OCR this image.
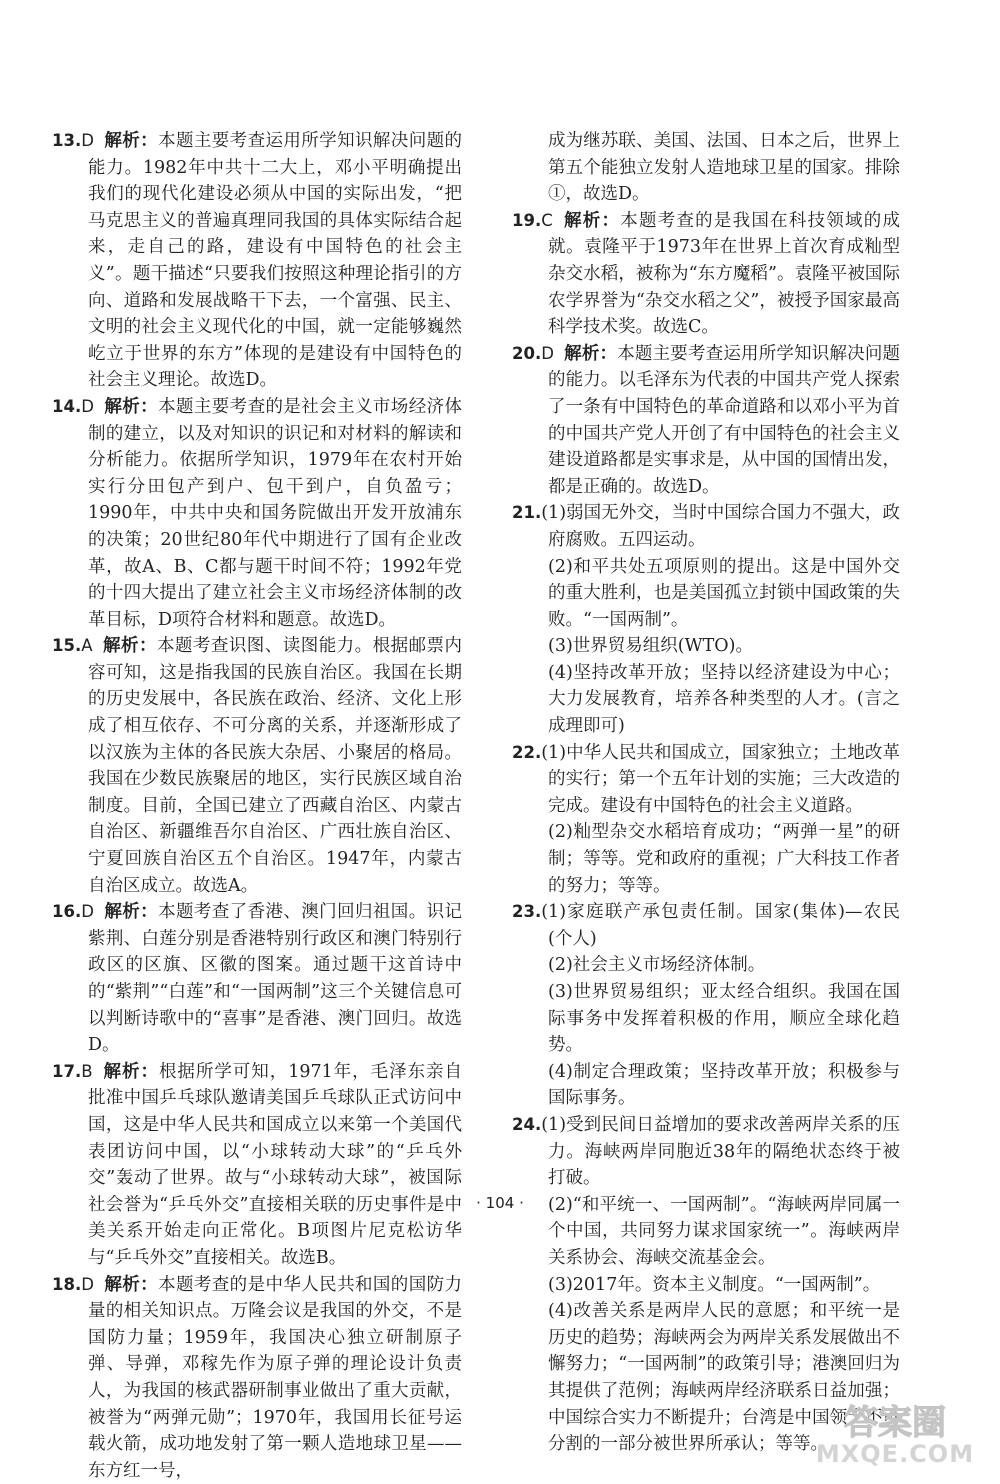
13.D 解析：本题主要考查运用所学知识解决问题的能力。1982年中共十二大上，邓小平明确提出我们的现代化建设必须从中国的实际出发，“把马克思主义的普遍真理同我国的具体实际结合起来，走自己的路，建设有中国特色的社会主义”。题干描述“只要我们按照这种理论指引的方向、道路和发展战略干下去，一个富强、民主、文明的社会主义现代化的中国，就一定能够巍然屹立于世界的东方”体现的是建设有中国特色的社会主义理论。故选D。

14.D 解析：本题主要考查的是社会主义市场经济体制的建立，以及对知识的识记和对材料的解读和分析能力。依据所学知识，1979年在农村开始实行分田包产到户、包干到户，自负盈亏；1990年，中共中央和国务院做出开发开放浦东的决策；20世纪80年代中期进行了国有企业改革，故A、B、C都与题干时间不符；1992年党的十四大提出了建立社会主义市场经济体制的改革目标，D项符合材料和题意。故选D。

15.A 解析：本题考查识图、读图能力。根据邮票内容可知，这是指我国的民族自治区。我国在长期的历史发展中，各民族在政治、经济、文化上形成了相互依存、不可分离的关系，并逐渐形成了以汉族为主体的各民族大杂居、小聚居的格局。我国在少数民族聚居的地区，实行民族区域自治制度。目前，全国已建立了西藏自治区、内蒙古自治区、新疆维吾尔自治区、广西壮族自治区、宁夏回族自治区五个自治区。1947年，内蒙古自治区成立。故选A。

16.D 解析：本题考查了香港、澳门回归祖国。识记紫荆、白莲分别是香港特别行政区和澳门特别行政区的区旗、区徽的图案。通过题干这首诗中的“紫荆”“白莲”和“一国两制”这三个关键信息可以判断诗歌中的“喜事”是香港、澳门回归。故选D。

17.B 解析：根据所学可知，1971年，毛泽东亲自批准中国乒乓球队邀请美国乒乓球队正式访问中国，这是中华人民共和国成立以来第一个美国代表团访问中国，以“小球转动大球”的“乒乓外交”轰动了世界。故与“小球转动大球”，被国际社会誉为“乒乓外交”直接相关联的历史事件是中美关系开始走向正常化。B项图片尼克松访华与“乒乓外交”直接相关。故选B。

18.D 解析：本题考查的是中华人民共和国的国防力量的相关知识点。万隆会议是我国的外交，不是国防力量；1959年，我国决心独立研制原子弹、导弹，邓稼先作为原子弹的理论设计负责人，为我国的核武器研制事业做出了重大贡献，被誉为“两弹元勋”；1970年，我国用长征号运载火箭，成功地发射了第一颗人造地球卫星——东方红一号，

成为继苏联、美国、法国、日本之后，世界上第五个能独立发射人造地球卫星的国家。排除①，故选D。

19.C 解析：本题考查的是我国在科技领域的成就。袁隆平于1973年在世界上首次育成籼型杂交水稻，被称为“东方魔稻”。袁隆平被国际农学界誉为“杂交水稻之父”，被授予国家最高科学技术奖。故选C。

20.D 解析：本题主要考查运用所学知识解决问题的能力。以毛泽东为代表的中国共产党人探索了一条有中国特色的革命道路和以邓小平为首的中国共产党人开创了有中国特色的社会主义建设道路都是实事求是，从中国的国情出发，都是正确的。故选D。

21.(1)弱国无外交，当时中国综合国力不强大，政府腐败。五四运动。

(2)和平共处五项原则的提出。这是中国外交的重大胜利，也是美国孤立封锁中国政策的失败。“一国两制”。

(3)世界贸易组织(WTO)。

(4)坚持改革开放；坚持以经济建设为中心；大力发展教育，培养各种类型的人才。(言之成理即可)

22.(1)中华人民共和国成立，国家独立；土地改革的实行；第一个五年计划的实施；三大改造的完成。建设有中国特色的社会主义道路。

(2)籼型杂交水稻培育成功；“两弹一星”的研制；等等。党和政府的重视；广大科技工作者的努力；等等。

23.(1)家庭联产承包责任制。国家(集体)—农民(个人)

(2)社会主义市场经济体制。

(3)世界贸易组织；亚太经合组织。我国在国际事务中发挥着积极的作用，顺应全球化趋势。

(4)制定合理政策；坚持改革开放；积极参与国际事务。

24.(1)受到民间日益增加的要求改善两岸关系的压力。海峡两岸同胞近38年的隔绝状态终于被打破。

(2)“和平统一、一国两制”。“海峡两岸同属一个中国，共同努力谋求国家统一”。海峡两岸关系协会、海峡交流基金会。

(3)2017年。资本主义制度。“一国两制”。

(4)改善关系是两岸人民的意愿；和平统一是历史的趋势；海峡两会为两岸关系发展做出不懈努力；“一国两制”的政策引导；港澳回归为其提供了范例；海峡两岸经济联系日益加强；中国综合实力不断提升；台湾是中国领土不可分割的一部分被世界所承认；等等。

· 104 ·
答案圈
MXQE.COM
